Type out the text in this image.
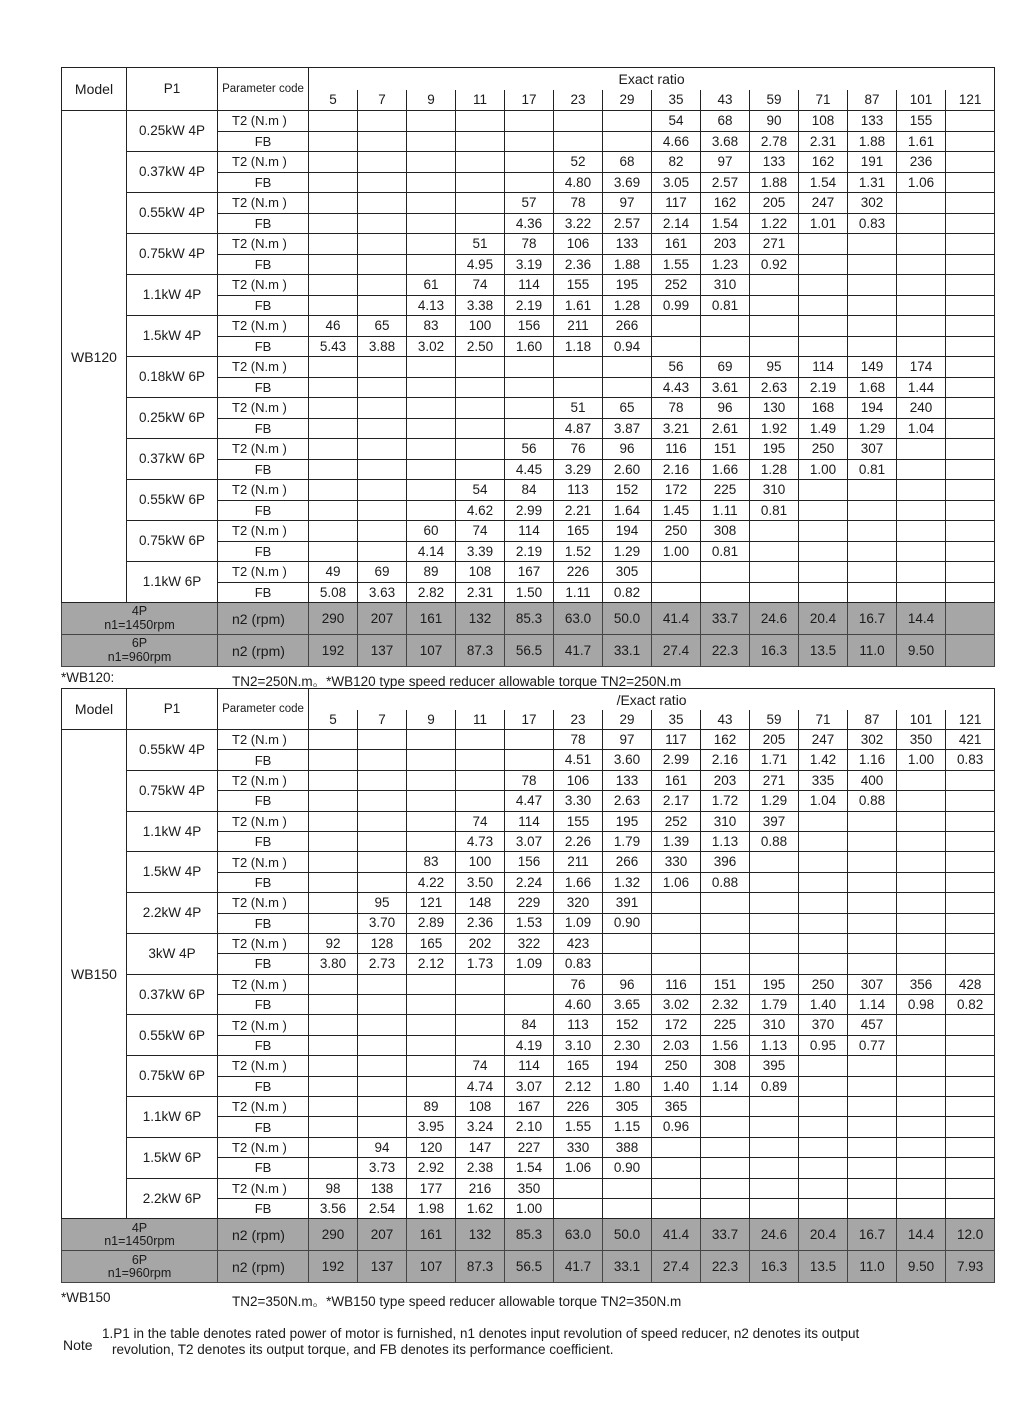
Model	P1	Parameter code	Exact ratio													
			5	7	9	11	17	23	29	35	43	59	71	87	101	121
WB120	0.25kW 4P	T2 (N.m )								54	68	90	108	133	155	
		FB								4.66	3.68	2.78	2.31	1.88	1.61	
	0.37kW 4P	T2 (N.m )						52	68	82	97	133	162	191	236	
		FB						4.80	3.69	3.05	2.57	1.88	1.54	1.31	1.06	
	0.55kW 4P	T2 (N.m )					57	78	97	117	162	205	247	302		
		FB					4.36	3.22	2.57	2.14	1.54	1.22	1.01	0.83		
	0.75kW 4P	T2 (N.m )				51	78	106	133	161	203	271				
		FB				4.95	3.19	2.36	1.88	1.55	1.23	0.92				
	1.1kW 4P	T2 (N.m )			61	74	114	155	195	252	310					
		FB			4.13	3.38	2.19	1.61	1.28	0.99	0.81					
	1.5kW 4P	T2 (N.m )	46	65	83	100	156	211	266							
		FB	5.43	3.88	3.02	2.50	1.60	1.18	0.94							
	0.18kW 6P	T2 (N.m )								56	69	95	114	149	174	
		FB								4.43	3.61	2.63	2.19	1.68	1.44	
	0.25kW 6P	T2 (N.m )						51	65	78	96	130	168	194	240	
		FB						4.87	3.87	3.21	2.61	1.92	1.49	1.29	1.04	
	0.37kW 6P	T2 (N.m )					56	76	96	116	151	195	250	307		
		FB					4.45	3.29	2.60	2.16	1.66	1.28	1.00	0.81		
	0.55kW 6P	T2 (N.m )				54	84	113	152	172	225	310				
		FB				4.62	2.99	2.21	1.64	1.45	1.11	0.81				
	0.75kW 6P	T2 (N.m )			60	74	114	165	194	250	308					
		FB			4.14	3.39	2.19	1.52	1.29	1.00	0.81					
	1.1kW 6P	T2 (N.m )	49	69	89	108	167	226	305							
		FB	5.08	3.63	2.82	2.31	1.50	1.11	0.82							
4P
n1=1450rpm		n2 (rpm)	290	207	161	132	85.3	63.0	50.0	41.4	33.7	24.6	20.4	16.7	14.4	
6P
n1=960rpm		n2 (rpm)	192	137	107	87.3	56.5	41.7	33.1	27.4	22.3	16.3	13.5	11.0	9.50	
*WB120:	TN2=250N.m。*WB120 type speed reducer allowable torque TN2=250N.m
Model	P1	Parameter code	/Exact ratio													
			5	7	9	11	17	23	29	35	43	59	71	87	101	121
WB150	0.55kW 4P	T2 (N.m )						78	97	117	162	205	247	302	350	421
		FB						4.51	3.60	2.99	2.16	1.71	1.42	1.16	1.00	0.83
	0.75kW 4P	T2 (N.m )					78	106	133	161	203	271	335	400		
		FB					4.47	3.30	2.63	2.17	1.72	1.29	1.04	0.88		
	1.1kW 4P	T2 (N.m )				74	114	155	195	252	310	397				
		FB				4.73	3.07	2.26	1.79	1.39	1.13	0.88				
	1.5kW 4P	T2 (N.m )			83	100	156	211	266	330	396					
		FB			4.22	3.50	2.24	1.66	1.32	1.06	0.88					
	2.2kW 4P	T2 (N.m )		95	121	148	229	320	391							
		FB		3.70	2.89	2.36	1.53	1.09	0.90							
	3kW 4P	T2 (N.m )	92	128	165	202	322	423								
		FB	3.80	2.73	2.12	1.73	1.09	0.83								
	0.37kW 6P	T2 (N.m )						76	96	116	151	195	250	307	356	428
		FB						4.60	3.65	3.02	2.32	1.79	1.40	1.14	0.98	0.82
	0.55kW 6P	T2 (N.m )					84	113	152	172	225	310	370	457		
		FB					4.19	3.10	2.30	2.03	1.56	1.13	0.95	0.77		
	0.75kW 6P	T2 (N.m )				74	114	165	194	250	308	395				
		FB				4.74	3.07	2.12	1.80	1.40	1.14	0.89				
	1.1kW 6P	T2 (N.m )			89	108	167	226	305	365						
		FB			3.95	3.24	2.10	1.55	1.15	0.96						
	1.5kW 6P	T2 (N.m )		94	120	147	227	330	388							
		FB		3.73	2.92	2.38	1.54	1.06	0.90							
	2.2kW 6P	T2 (N.m )	98	138	177	216	350									
		FB	3.56	2.54	1.98	1.62	1.00									
4P
n1=1450rpm		n2 (rpm)	290	207	161	132	85.3	63.0	50.0	41.4	33.7	24.6	20.4	16.7	14.4	12.0
6P
n1=960rpm		n2 (rpm)	192	137	107	87.3	56.5	41.7	33.1	27.4	22.3	16.3	13.5	11.0	9.50	7.93
*WB150	TN2=350N.m。*WB150 type speed reducer allowable torque TN2=350N.m
Note
1.P1 in the table denotes rated power of motor is furnished, n1 denotes input revolution of speed reducer, n2 denotes its output
revolution, T2 denotes its output torque, and FB denotes its performance coefficient.
